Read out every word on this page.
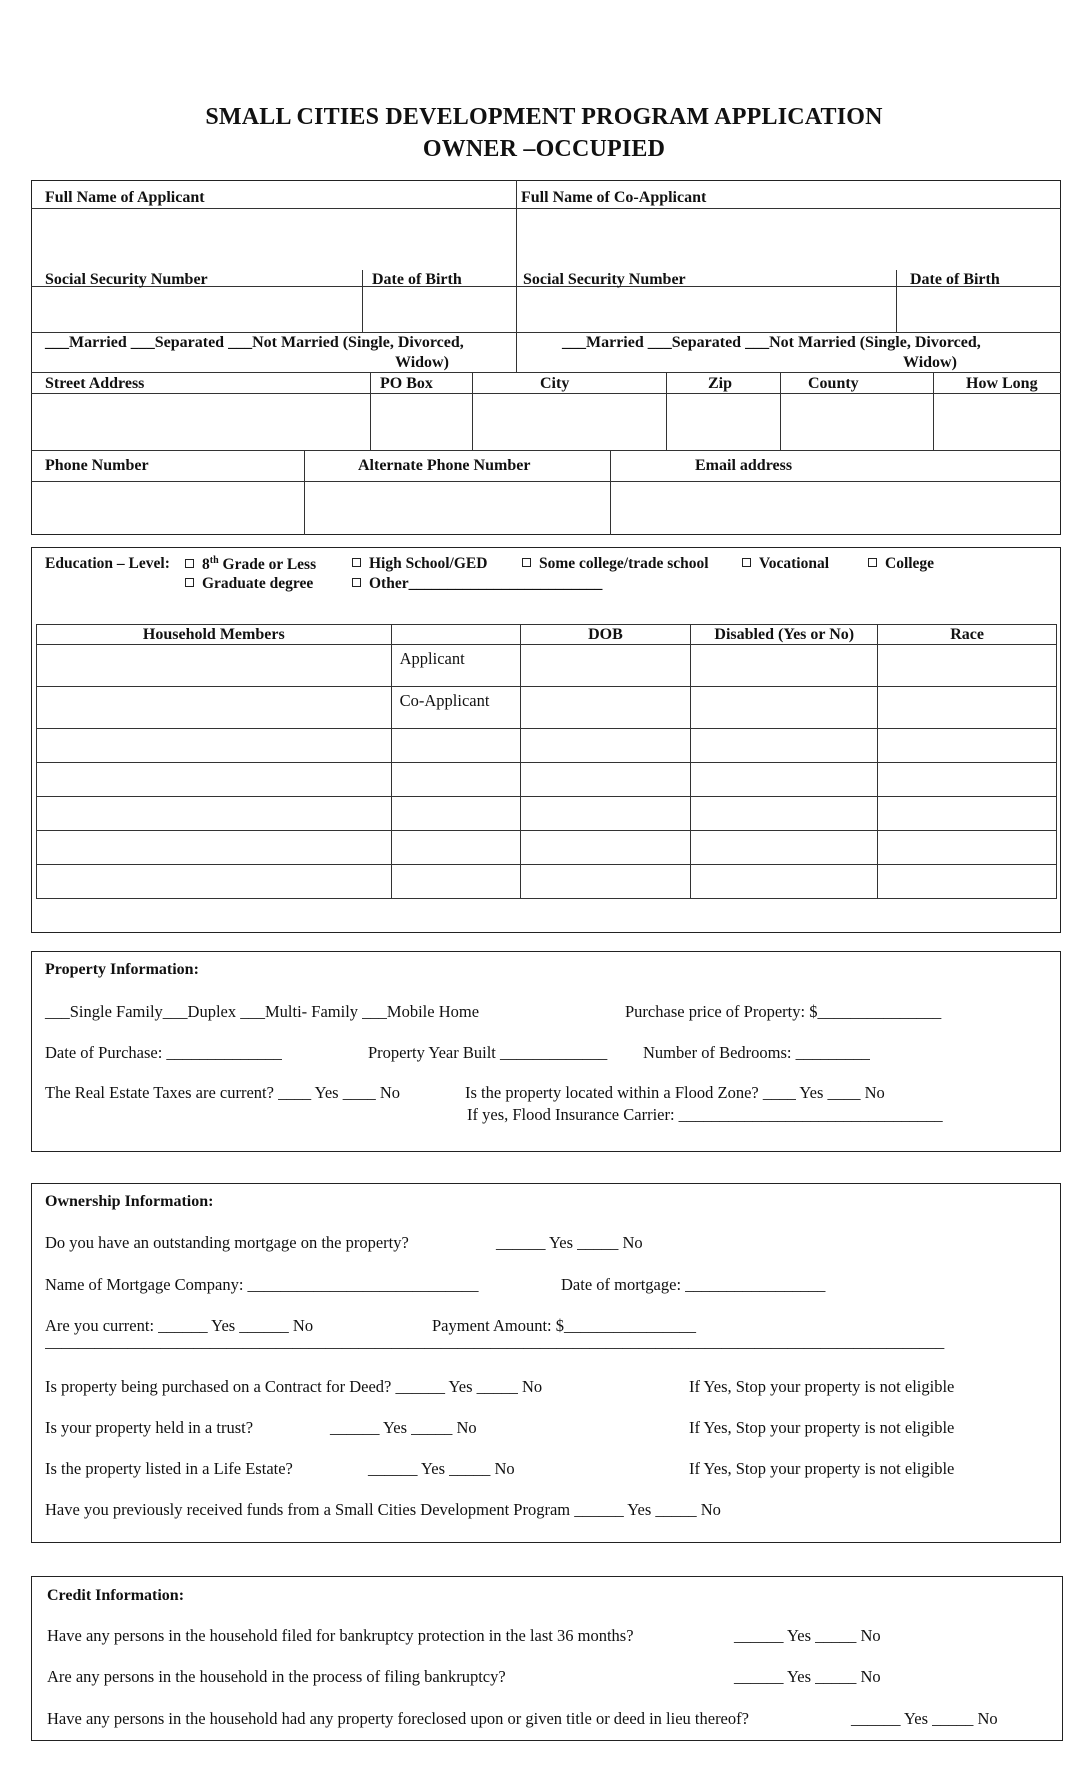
SMALL CITIES DEVELOPMENT PROGRAM APPLICATION
OWNER –OCCUPIED
Full Name of Applicant	Full Name of Co-Applicant
Social Security Number	Date of Birth	Social Security Number	Date of Birth
___Married ___Separated ___Not Married (Single, Divorced,
Widow)
___Married ___Separated ___Not Married (Single, Divorced,
Widow)
Street Address	PO Box	City	Zip	County	How Long
Phone Number	Alternate Phone Number	Email address
Education – Level:	8th Grade or Less	High School/GED	Some college/trade school	Vocational	College
Graduate degree	Other_________________________
Household Members		DOB	Disabled (Yes or No)	Race

	Applicant			

	Co-Applicant			

Property Information:
___Single Family___Duplex ___Multi- Family ___Mobile Home	Purchase price of Property: $_______________
Date of Purchase: ______________	Property Year Built _____________ Number of Bedrooms: _________
The Real Estate Taxes are current? ____ Yes ____ No	Is the property located within a Flood Zone? ____ Yes ____ No
If yes, Flood Insurance Carrier: ________________________________
Ownership Information:
Do you have an outstanding mortgage on the property?	______ Yes _____ No
Name of Mortgage Company: ____________________________	Date of mortgage: _________________
Are you current: ______ Yes ______ No	Payment Amount: $________________
_____________________________________________________________________________________________________________
Is property being purchased on a Contract for Deed? ______ Yes _____ No	If Yes, Stop your property is not eligible
Is your property held in a trust?	______ Yes _____ No	If Yes, Stop your property is not eligible
Is the property listed in a Life Estate?	______ Yes _____ No	If Yes, Stop your property is not eligible
Have you previously received funds from a Small Cities Development Program ______ Yes _____ No
Credit Information:
Have any persons in the household filed for bankruptcy protection in the last 36 months?	______ Yes _____ No
Are any persons in the household in the process of filing bankruptcy?	______ Yes _____ No
Have any persons in the household had any property foreclosed upon or given title or deed in lieu thereof?	______ Yes _____ No
